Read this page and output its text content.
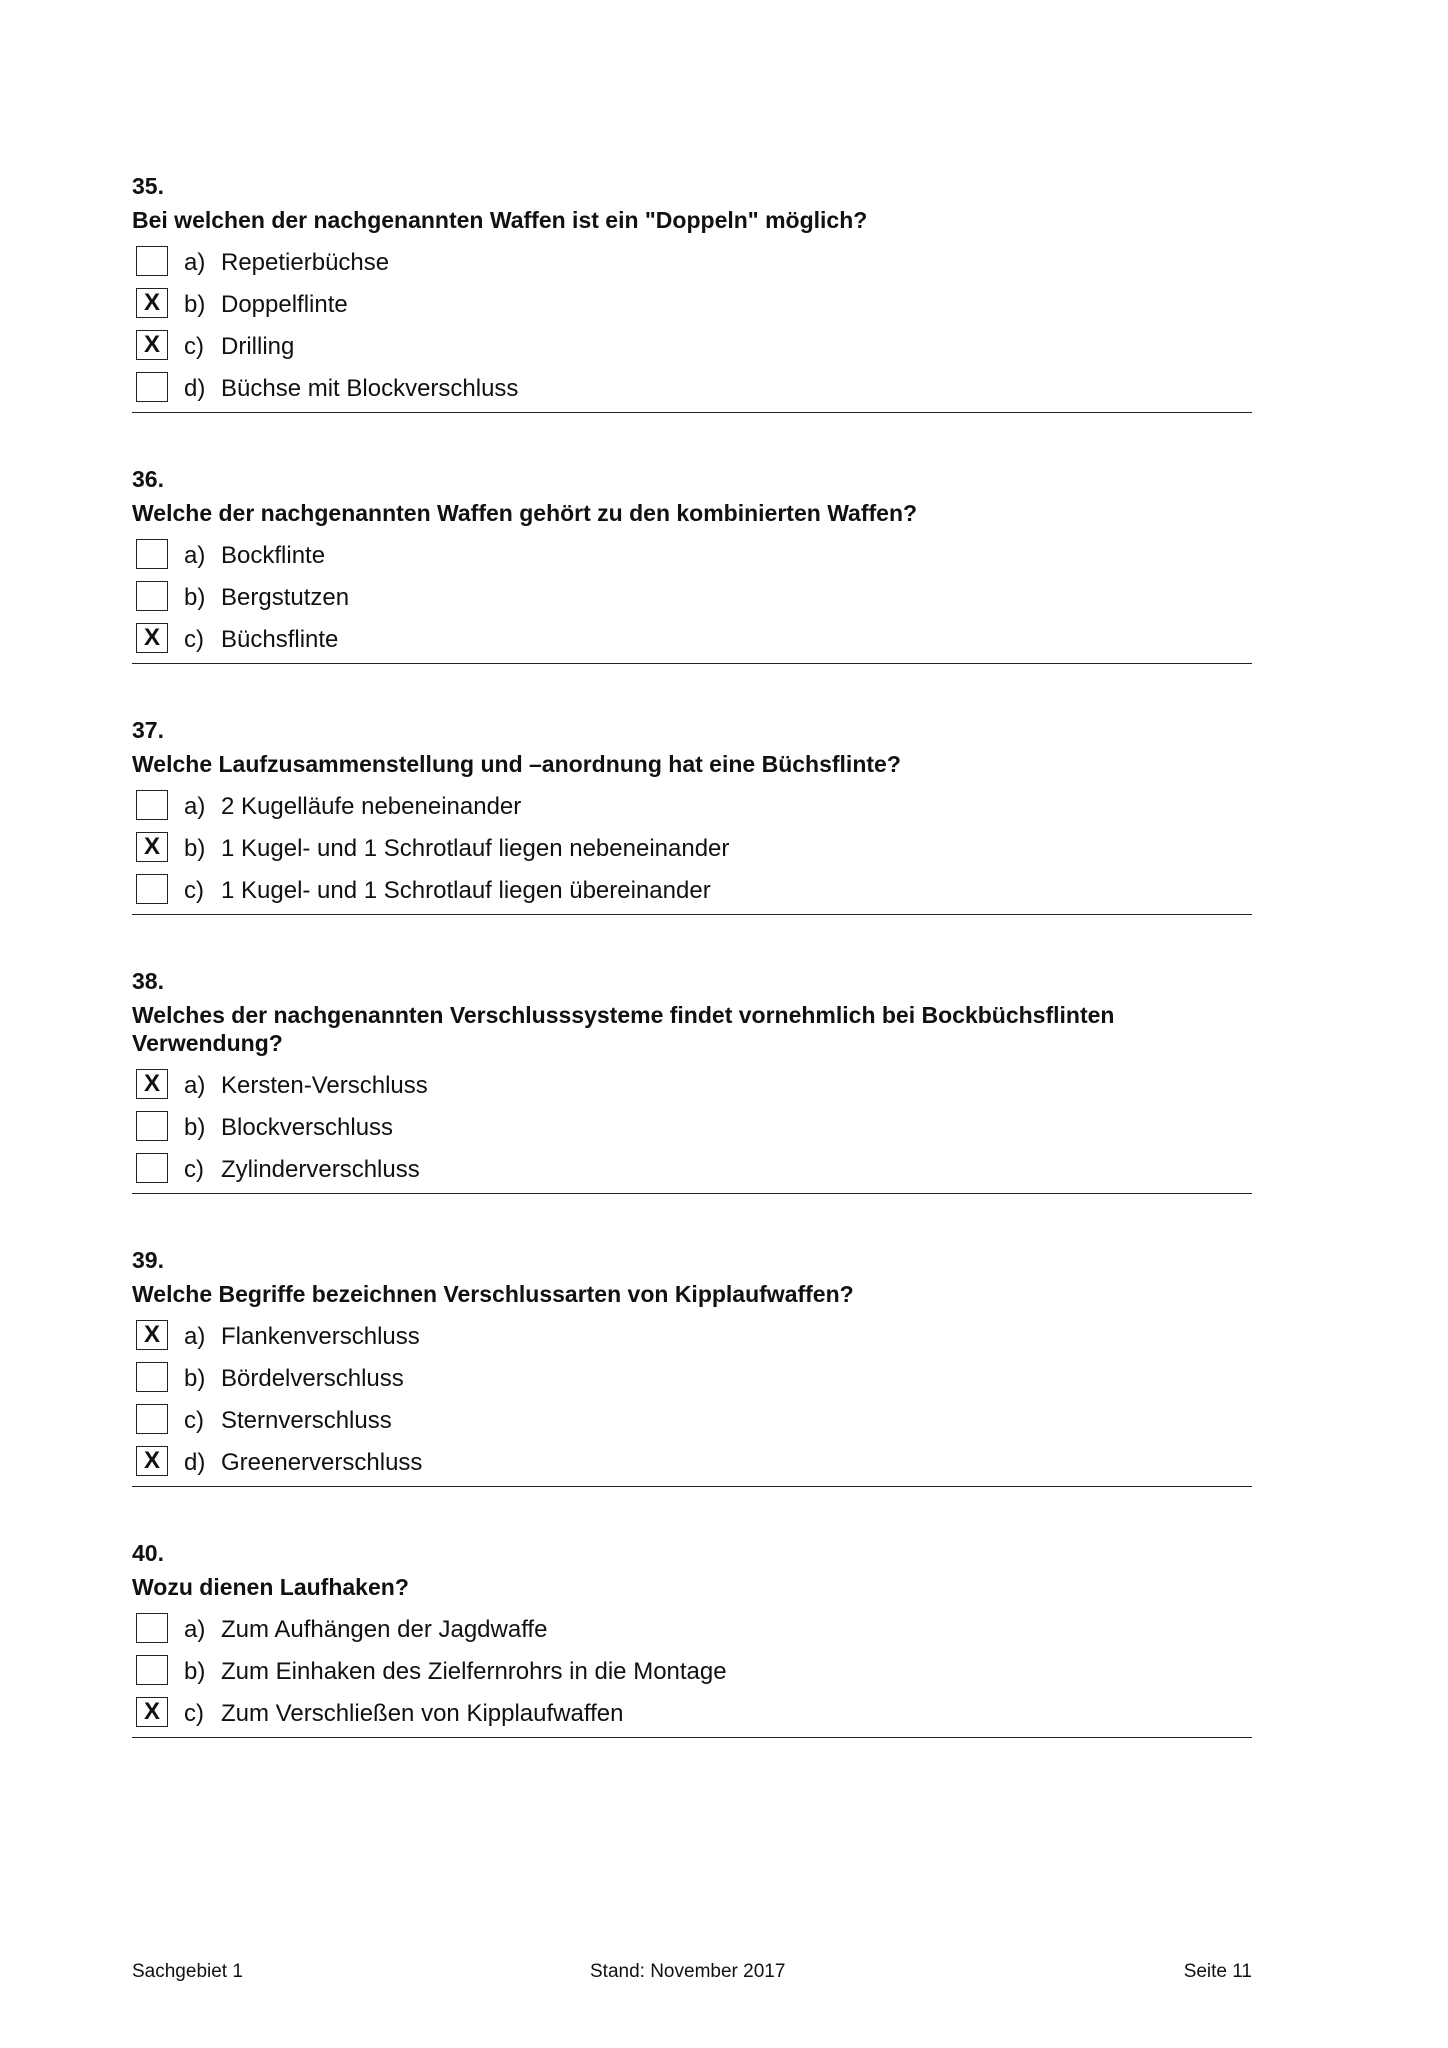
35.
Bei welchen der nachgenannten Waffen ist ein "Doppeln" möglich?
a) Repetierbüchse
X	b) Doppelflinte
X	c) Drilling
d) Büchse mit Blockverschluss
36.
Welche der nachgenannten Waffen gehört zu den kombinierten Waffen?
a) Bockflinte
b) Bergstutzen
X	c) Büchsflinte
37.
Welche Laufzusammenstellung und –anordnung hat eine Büchsflinte?
a) 2 Kugelläufe nebeneinander
X	b) 1 Kugel- und 1 Schrotlauf liegen nebeneinander
c) 1 Kugel- und 1 Schrotlauf liegen übereinander
38.
Welches der nachgenannten Verschlusssysteme findet vornehmlich bei Bockbüchsflinten Verwendung?
X	a) Kersten-Verschluss
b) Blockverschluss
c) Zylinderverschluss
39.
Welche Begriffe bezeichnen Verschlussarten von Kipplaufwaffen?
X	a) Flankenverschluss
b) Bördelverschluss
c) Sternverschluss
X	d) Greenerverschluss
40.
Wozu dienen Laufhaken?
a) Zum Aufhängen der Jagdwaffe
b) Zum Einhaken des Zielfernrohrs in die Montage
X	c) Zum Verschließen von Kipplaufwaffen
Sachgebiet 1	Stand: November 2017	Seite 11
